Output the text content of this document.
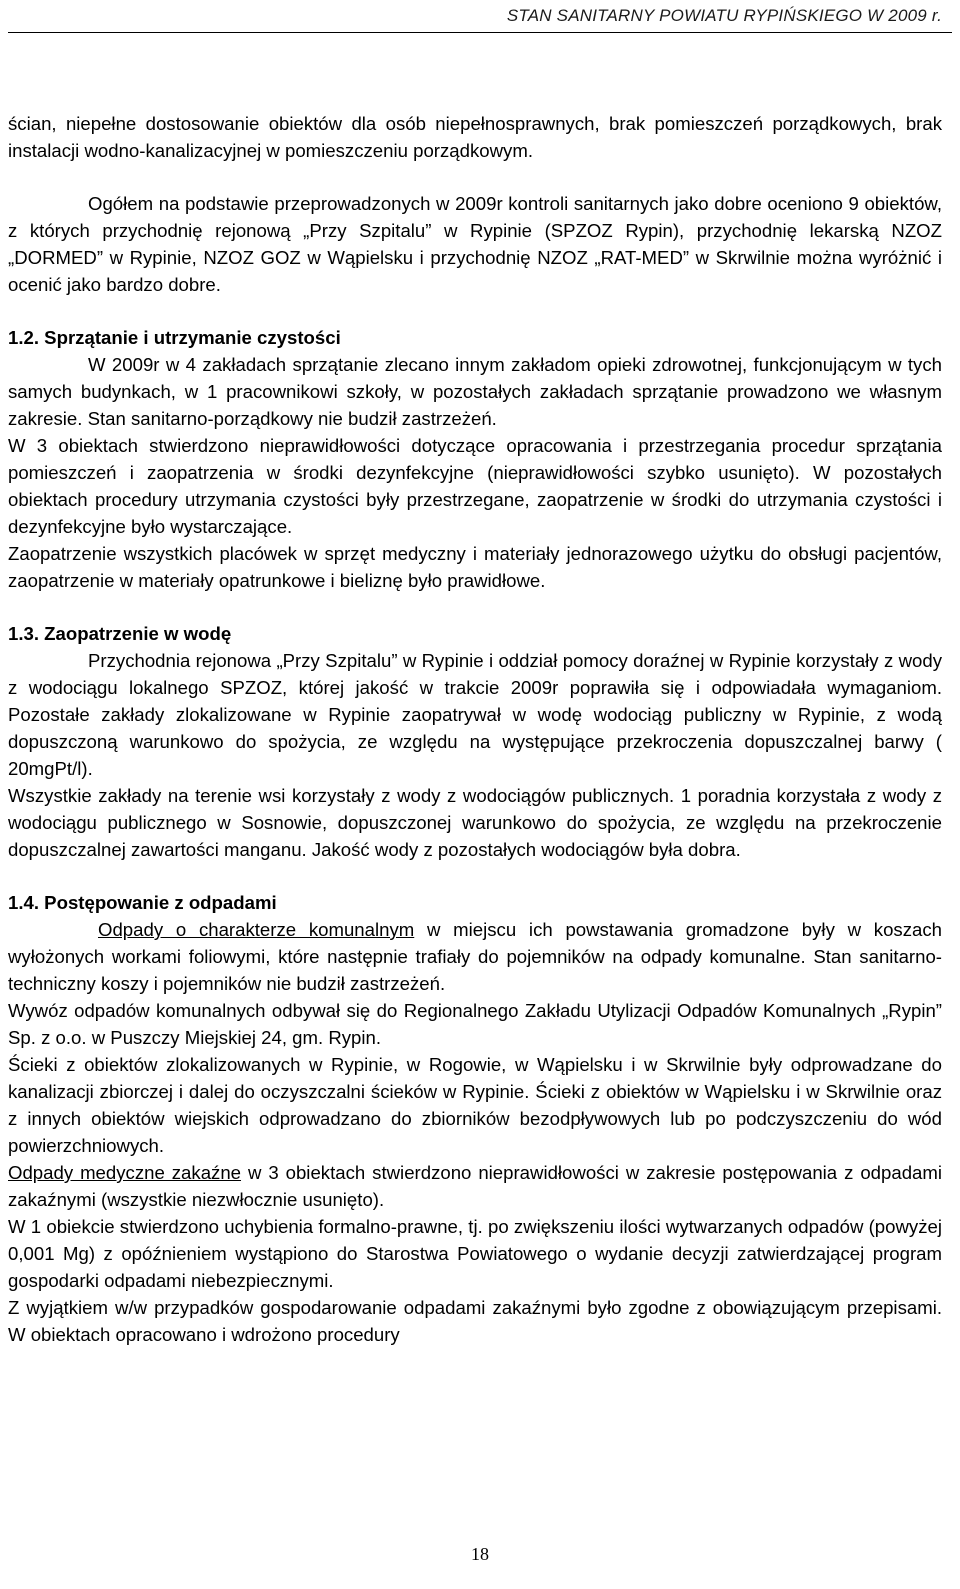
STAN SANITARNY POWIATU RYPIŃSKIEGO W 2009 r.

ścian, niepełne dostosowanie obiektów dla osób niepełnosprawnych, brak pomieszczeń porządkowych, brak instalacji wodno-kanalizacyjnej w pomieszczeniu porządkowym.

Ogółem na podstawie przeprowadzonych w 2009r kontroli sanitarnych jako dobre oceniono 9 obiektów, z których przychodnię rejonową „Przy Szpitalu” w Rypinie (SPZOZ Rypin), przychodnię lekarską NZOZ „DORMED” w Rypinie, NZOZ GOZ w Wąpielsku i przychodnię NZOZ „RAT-MED” w Skrwilnie można wyróżnić i ocenić jako bardzo dobre.

1.2. Sprzątanie i utrzymanie czystości

W 2009r w 4 zakładach sprzątanie zlecano innym zakładom opieki zdrowotnej, funkcjonującym w tych samych budynkach, w 1 pracownikowi szkoły, w pozostałych zakładach sprzątanie prowadzono we własnym zakresie. Stan sanitarno-porządkowy nie budził zastrzeżeń.

W 3 obiektach stwierdzono nieprawidłowości dotyczące opracowania i przestrzegania procedur sprzątania pomieszczeń i zaopatrzenia w środki dezynfekcyjne (nieprawidłowości szybko usunięto). W pozostałych obiektach procedury utrzymania czystości były przestrzegane, zaopatrzenie w środki do utrzymania czystości i dezynfekcyjne było wystarczające.

Zaopatrzenie wszystkich placówek w sprzęt medyczny i materiały jednorazowego użytku do obsługi pacjentów, zaopatrzenie w materiały opatrunkowe i bieliznę było prawidłowe.

1.3. Zaopatrzenie w wodę

Przychodnia rejonowa „Przy Szpitalu” w Rypinie i oddział pomocy doraźnej w Rypinie korzystały z wody z wodociągu lokalnego SPZOZ, której jakość w trakcie 2009r poprawiła się i odpowiadała wymaganiom. Pozostałe zakłady zlokalizowane w Rypinie zaopatrywał w wodę wodociąg publiczny w Rypinie, z wodą dopuszczoną warunkowo do spożycia, ze względu na występujące przekroczenia dopuszczalnej barwy ( 20mgPt/l).

Wszystkie zakłady na terenie wsi korzystały z wody z wodociągów publicznych. 1 poradnia korzystała z wody z wodociągu publicznego w Sosnowie, dopuszczonej warunkowo do spożycia, ze względu na przekroczenie dopuszczalnej zawartości manganu. Jakość wody z pozostałych wodociągów była dobra.

1.4. Postępowanie z odpadami

Odpady o charakterze komunalnym w miejscu ich powstawania gromadzone były w koszach wyłożonych workami foliowymi, które następnie trafiały do pojemników na odpady komunalne. Stan sanitarno-techniczny koszy i pojemników nie budził zastrzeżeń.

Wywóz odpadów komunalnych odbywał się do Regionalnego Zakładu Utylizacji Odpadów Komunalnych „Rypin” Sp. z o.o. w Puszczy Miejskiej 24, gm. Rypin.

Ścieki z obiektów zlokalizowanych w Rypinie, w Rogowie, w Wąpielsku i w Skrwilnie były odprowadzane do kanalizacji zbiorczej i dalej do oczyszczalni ścieków w Rypinie. Ścieki z obiektów w Wąpielsku i w Skrwilnie oraz z innych obiektów wiejskich odprowadzano do zbiorników bezodpływowych lub po podczyszczeniu do wód powierzchniowych.

Odpady medyczne zakaźne w 3 obiektach stwierdzono nieprawidłowości w zakresie postępowania z odpadami zakaźnymi (wszystkie niezwłocznie usunięto).

W 1 obiekcie stwierdzono uchybienia formalno-prawne, tj. po zwiększeniu ilości wytwarzanych odpadów (powyżej 0,001 Mg) z opóźnieniem wystąpiono do Starostwa Powiatowego o wydanie decyzji zatwierdzającej program gospodarki odpadami niebezpiecznymi.

Z wyjątkiem w/w przypadków gospodarowanie odpadami zakaźnymi było zgodne z obowiązującym przepisami. W obiektach opracowano i wdrożono procedury

18
